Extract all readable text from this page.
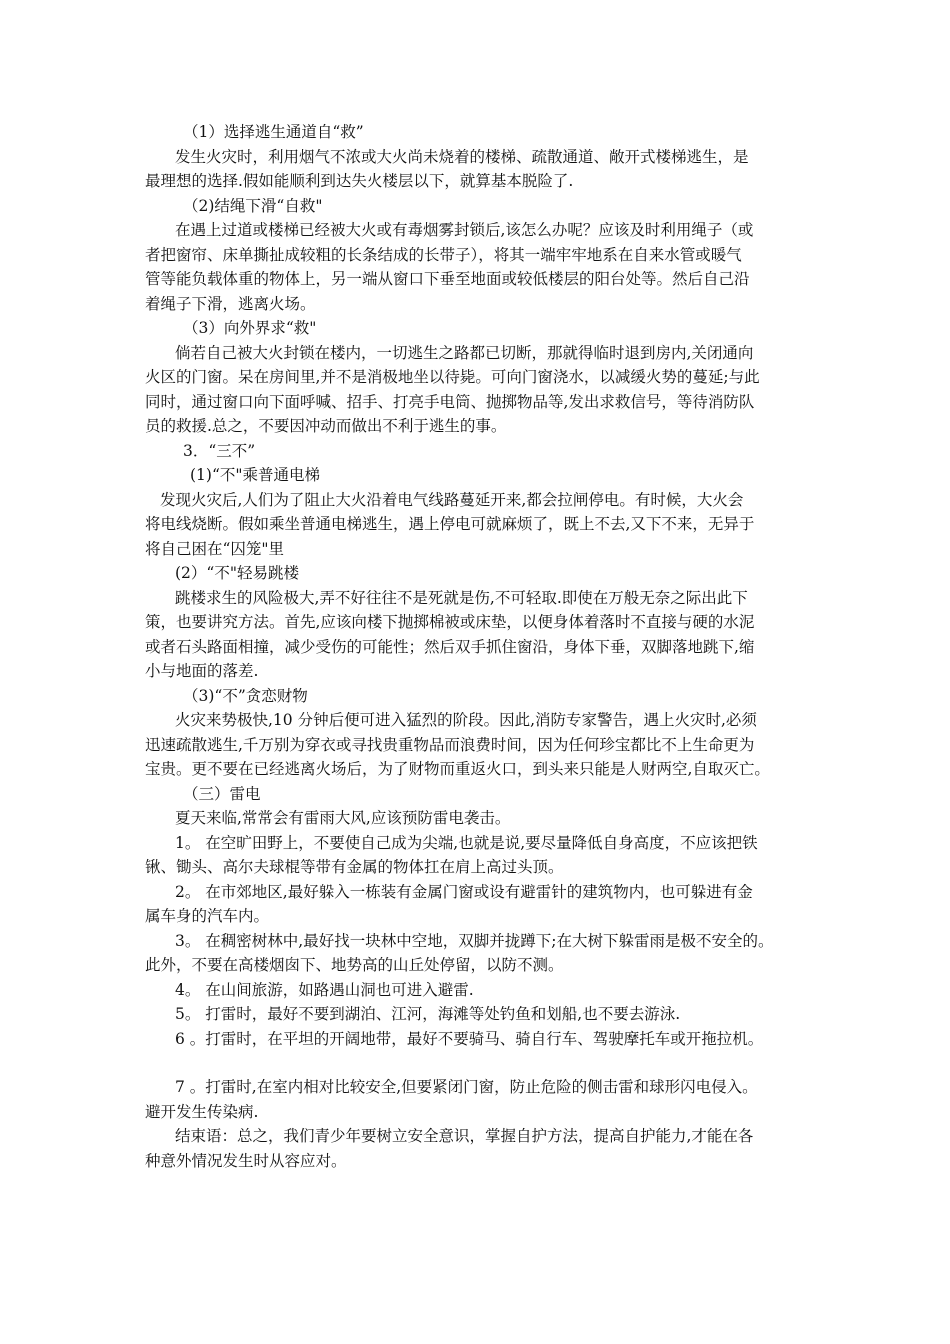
（1）选择逃生通道自“救”

发生火灾时，利用烟气不浓或大火尚未烧着的楼梯、疏散通道、敞开式楼梯逃生，是

最理想的选择.假如能顺利到达失火楼层以下，就算基本脱险了.

（2)结绳下滑“自救"

在遇上过道或楼梯已经被大火或有毒烟雾封锁后,该怎么办呢？应该及时利用绳子（或

者把窗帘、床单撕扯成较粗的长条结成的长带子），将其一端牢牢地系在自来水管或暖气

管等能负载体重的物体上，另一端从窗口下垂至地面或较低楼层的阳台处等。然后自己沿

着绳子下滑，逃离火场。

（3）向外界求“救"

倘若自己被大火封锁在楼内，一切逃生之路都已切断，那就得临时退到房内,关闭通向

火区的门窗。呆在房间里,并不是消极地坐以待毙。可向门窗浇水，以减缓火势的蔓延;与此

同时，通过窗口向下面呼喊、招手、打亮手电筒、抛掷物品等,发出求救信号，等待消防队

员的救援.总之，不要因冲动而做出不利于逃生的事。

3．“三不”

(1)“不"乘普通电梯

发现火灾后,人们为了阻止大火沿着电气线路蔓延开来,都会拉闸停电。有时候，大火会

将电线烧断。假如乘坐普通电梯逃生，遇上停电可就麻烦了，既上不去,又下不来，无异于

将自己困在“囚笼"里

(2）“不"轻易跳楼

跳楼求生的风险极大,弄不好往往不是死就是伤,不可轻取.即使在万般无奈之际出此下

策，也要讲究方法。首先,应该向楼下抛掷棉被或床垫，以便身体着落时不直接与硬的水泥

或者石头路面相撞，减少受伤的可能性；然后双手抓住窗沿，身体下垂，双脚落地跳下,缩

小与地面的落差.

（3)“不”贪恋财物

火灾来势极快,10 分钟后便可进入猛烈的阶段。因此,消防专家警告，遇上火灾时,必须

迅速疏散逃生,千万别为穿衣或寻找贵重物品而浪费时间，因为任何珍宝都比不上生命更为

宝贵。更不要在已经逃离火场后，为了财物而重返火口，到头来只能是人财两空,自取灭亡。

（三）雷电

夏天来临,常常会有雷雨大风,应该预防雷电袭击。

1。 在空旷田野上，不要使自己成为尖端,也就是说,要尽量降低自身高度，不应该把铁

锹、锄头、高尔夫球棍等带有金属的物体扛在肩上高过头顶。

2。 在市郊地区,最好躲入一栋装有金属门窗或设有避雷针的建筑物内，也可躲进有金

属车身的汽车内。

3。 在稠密树林中,最好找一块林中空地，双脚并拢蹲下;在大树下躲雷雨是极不安全的。

此外，不要在高楼烟囱下、地势高的山丘处停留，以防不测。

4。 在山间旅游，如路遇山洞也可进入避雷.

5。 打雷时，最好不要到湖泊、江河，海滩等处钓鱼和划船,也不要去游泳.

6 。打雷时，在平坦的开阔地带，最好不要骑马、骑自行车、驾驶摩托车或开拖拉机。

7 。打雷时,在室内相对比较安全,但要紧闭门窗，防止危险的侧击雷和球形闪电侵入。

避开发生传染病.

结束语：总之，我们青少年要树立安全意识，掌握自护方法，提高自护能力,才能在各

种意外情况发生时从容应对。
